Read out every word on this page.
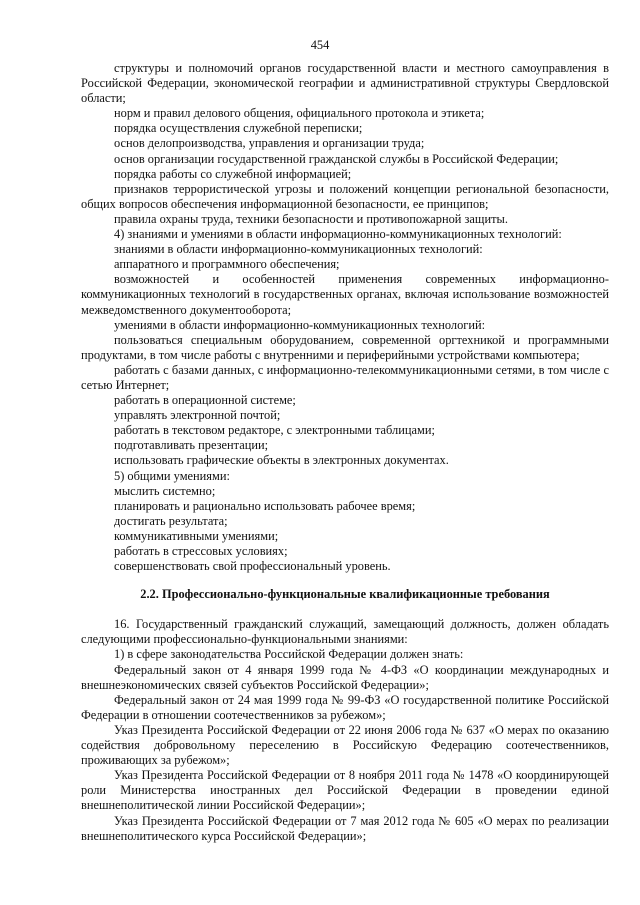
454

структуры и полномочий органов государственной власти и местного самоуправления в Российской Федерации, экономической географии и административной структуры Свердловской области;

норм и правил делового общения, официального протокола и этикета;

порядка осуществления служебной переписки;

основ делопроизводства, управления и организации труда;

основ организации государственной гражданской службы в Российской Федерации;

порядка работы со служебной информацией;

признаков террористической угрозы и положений концепции региональной безопасности, общих вопросов обеспечения информационной безопасности, ее принципов;

правила охраны труда, техники безопасности и противопожарной защиты.

4) знаниями и умениями в области информационно-коммуникационных технологий:

знаниями в области информационно-коммуникационных технологий:

аппаратного и программного обеспечения;

возможностей и особенностей применения современных информационно-коммуникационных технологий в государственных органах, включая использование возможностей межведомственного документооборота;

умениями в области информационно-коммуникационных технологий:

пользоваться специальным оборудованием, современной оргтехникой и программными продуктами, в том числе работы с внутренними и периферийными устройствами компьютера;

работать с базами данных, с информационно-телекоммуникационными сетями, в том числе с сетью Интернет;

работать в операционной системе;

управлять электронной почтой;

работать в текстовом редакторе, с электронными таблицами;

подготавливать презентации;

использовать графические объекты в электронных документах.

5) общими умениями:

мыслить системно;

планировать и рационально использовать рабочее время;

достигать результата;

коммуникативными умениями;

работать в стрессовых условиях;

совершенствовать свой профессиональный уровень.

2.2. Профессионально-функциональные квалификационные требования

16. Государственный гражданский служащий, замещающий должность, должен обладать следующими профессионально-функциональными знаниями:

1) в сфере законодательства Российской Федерации должен знать:

Федеральный закон от 4 января 1999 года № 4-ФЗ «О координации международных и внешнеэкономических связей субъектов Российской Федерации»;

Федеральный закон от 24 мая 1999 года № 99-ФЗ «О государственной политике Российской Федерации в отношении соотечественников за рубежом»;

Указ Президента Российской Федерации от 22 июня 2006 года № 637 «О мерах по оказанию содействия добровольному переселению в Российскую Федерацию соотечественников, проживающих за рубежом»;

Указ Президента Российской Федерации от 8 ноября 2011 года № 1478 «О координирующей роли Министерства иностранных дел Российской Федерации в проведении единой внешнеполитической линии Российской Федерации»;

Указ Президента Российской Федерации от 7 мая 2012 года № 605 «О мерах по реализации внешнеполитического курса Российской Федерации»;
